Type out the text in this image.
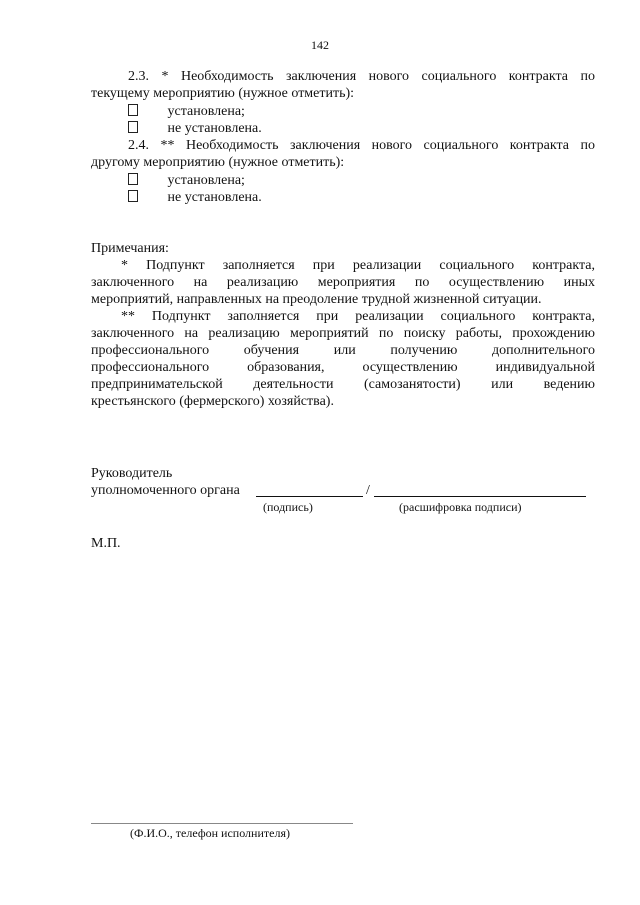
142

2.3. * Необходимость заключения нового социального контракта по

текущему мероприятию (нужное отметить):

установлена;
не установлена.

2.4. ** Необходимость заключения нового социального контракта по

другому мероприятию (нужное отметить):

установлена;
не установлена.
Примечания:

* Подпункт заполняется при реализации социального контракта,

заключенного на реализацию мероприятия по осуществлению иных

мероприятий, направленных на преодоление трудной жизненной ситуации.

** Подпункт заполняется при реализации социального контракта,

заключенного на реализацию мероприятий по поиску работы, прохождению

профессионального обучения или получению дополнительного

профессионального образования, осуществлению индивидуальной

предпринимательской деятельности (самозанятости) или ведению

крестьянского (фермерского) хозяйства).

Руководитель
уполномоченного органа	/
(подпись)	(расшифровка подписи)
М.П.
(Ф.И.О., телефон исполнителя)
